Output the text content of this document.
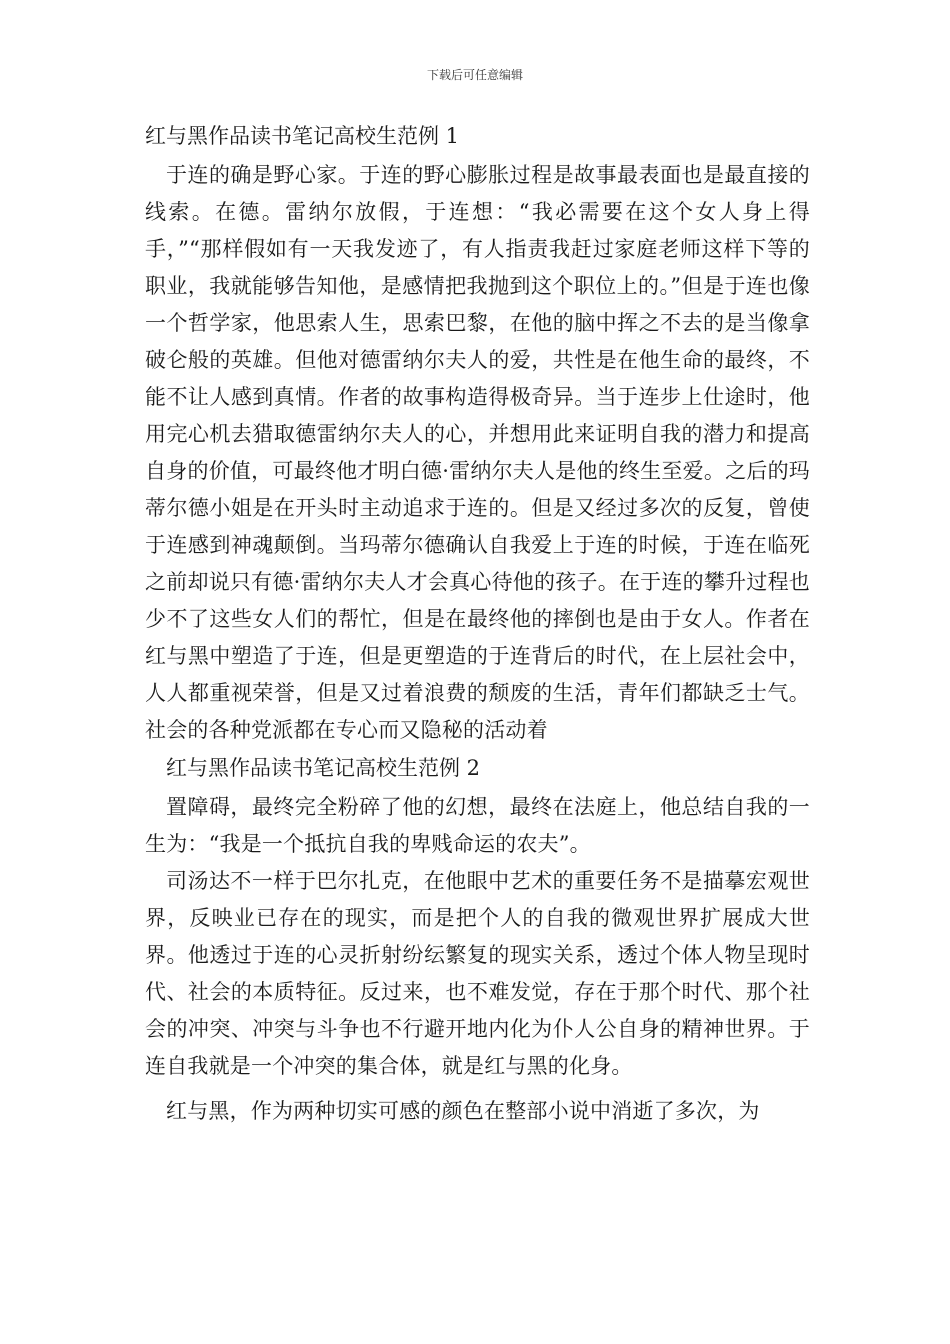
下载后可任意编辑
红与黑作品读书笔记高校生范例 1

于连的确是野心家。于连的野心膨胀过程是故事最表面也是最直接的线索。在德。雷纳尔放假，于连想：“我必需要在这个女人身上得手，”“那样假如有一天我发迹了，有人指责我赶过家庭老师这样下等的职业，我就能够告知他，是感情把我抛到这个职位上的。”但是于连也像一个哲学家，他思索人生，思索巴黎，在他的脑中挥之不去的是当像拿破仑般的英雄。但他对德雷纳尔夫人的爱，共性是在他生命的最终，不能不让人感到真情。作者的故事构造得极奇异。当于连步上仕途时，他用完心机去猎取德雷纳尔夫人的心，并想用此来证明自我的潜力和提高自身的价值，可最终他才明白德·雷纳尔夫人是他的终生至爱。之后的玛蒂尔德小姐是在开头时主动追求于连的。但是又经过多次的反复，曾使于连感到神魂颠倒。当玛蒂尔德确认自我爱上于连的时候，于连在临死之前却说只有德·雷纳尔夫人才会真心待他的孩子。在于连的攀升过程也少不了这些女人们的帮忙，但是在最终他的摔倒也是由于女人。作者在红与黑中塑造了于连，但是更塑造的于连背后的时代，在上层社会中，人人都重视荣誉，但是又过着浪费的颓废的生活，青年们都缺乏士气。社会的各种党派都在专心而又隐秘的活动着

红与黑作品读书笔记高校生范例 2

置障碍，最终完全粉碎了他的幻想，最终在法庭上，他总结自我的一生为：“我是一个抵抗自我的卑贱命运的农夫”。

司汤达不一样于巴尔扎克，在他眼中艺术的重要任务不是描摹宏观世界，反映业已存在的现实，而是把个人的自我的微观世界扩展成大世界。他透过于连的心灵折射纷纭繁复的现实关系，透过个体人物呈现时代、社会的本质特征。反过来，也不难发觉，存在于那个时代、那个社会的冲突、冲突与斗争也不行避开地内化为仆人公自身的精神世界。于连自我就是一个冲突的集合体，就是红与黑的化身。

红与黑，作为两种切实可感的颜色在整部小说中消逝了多次，为
